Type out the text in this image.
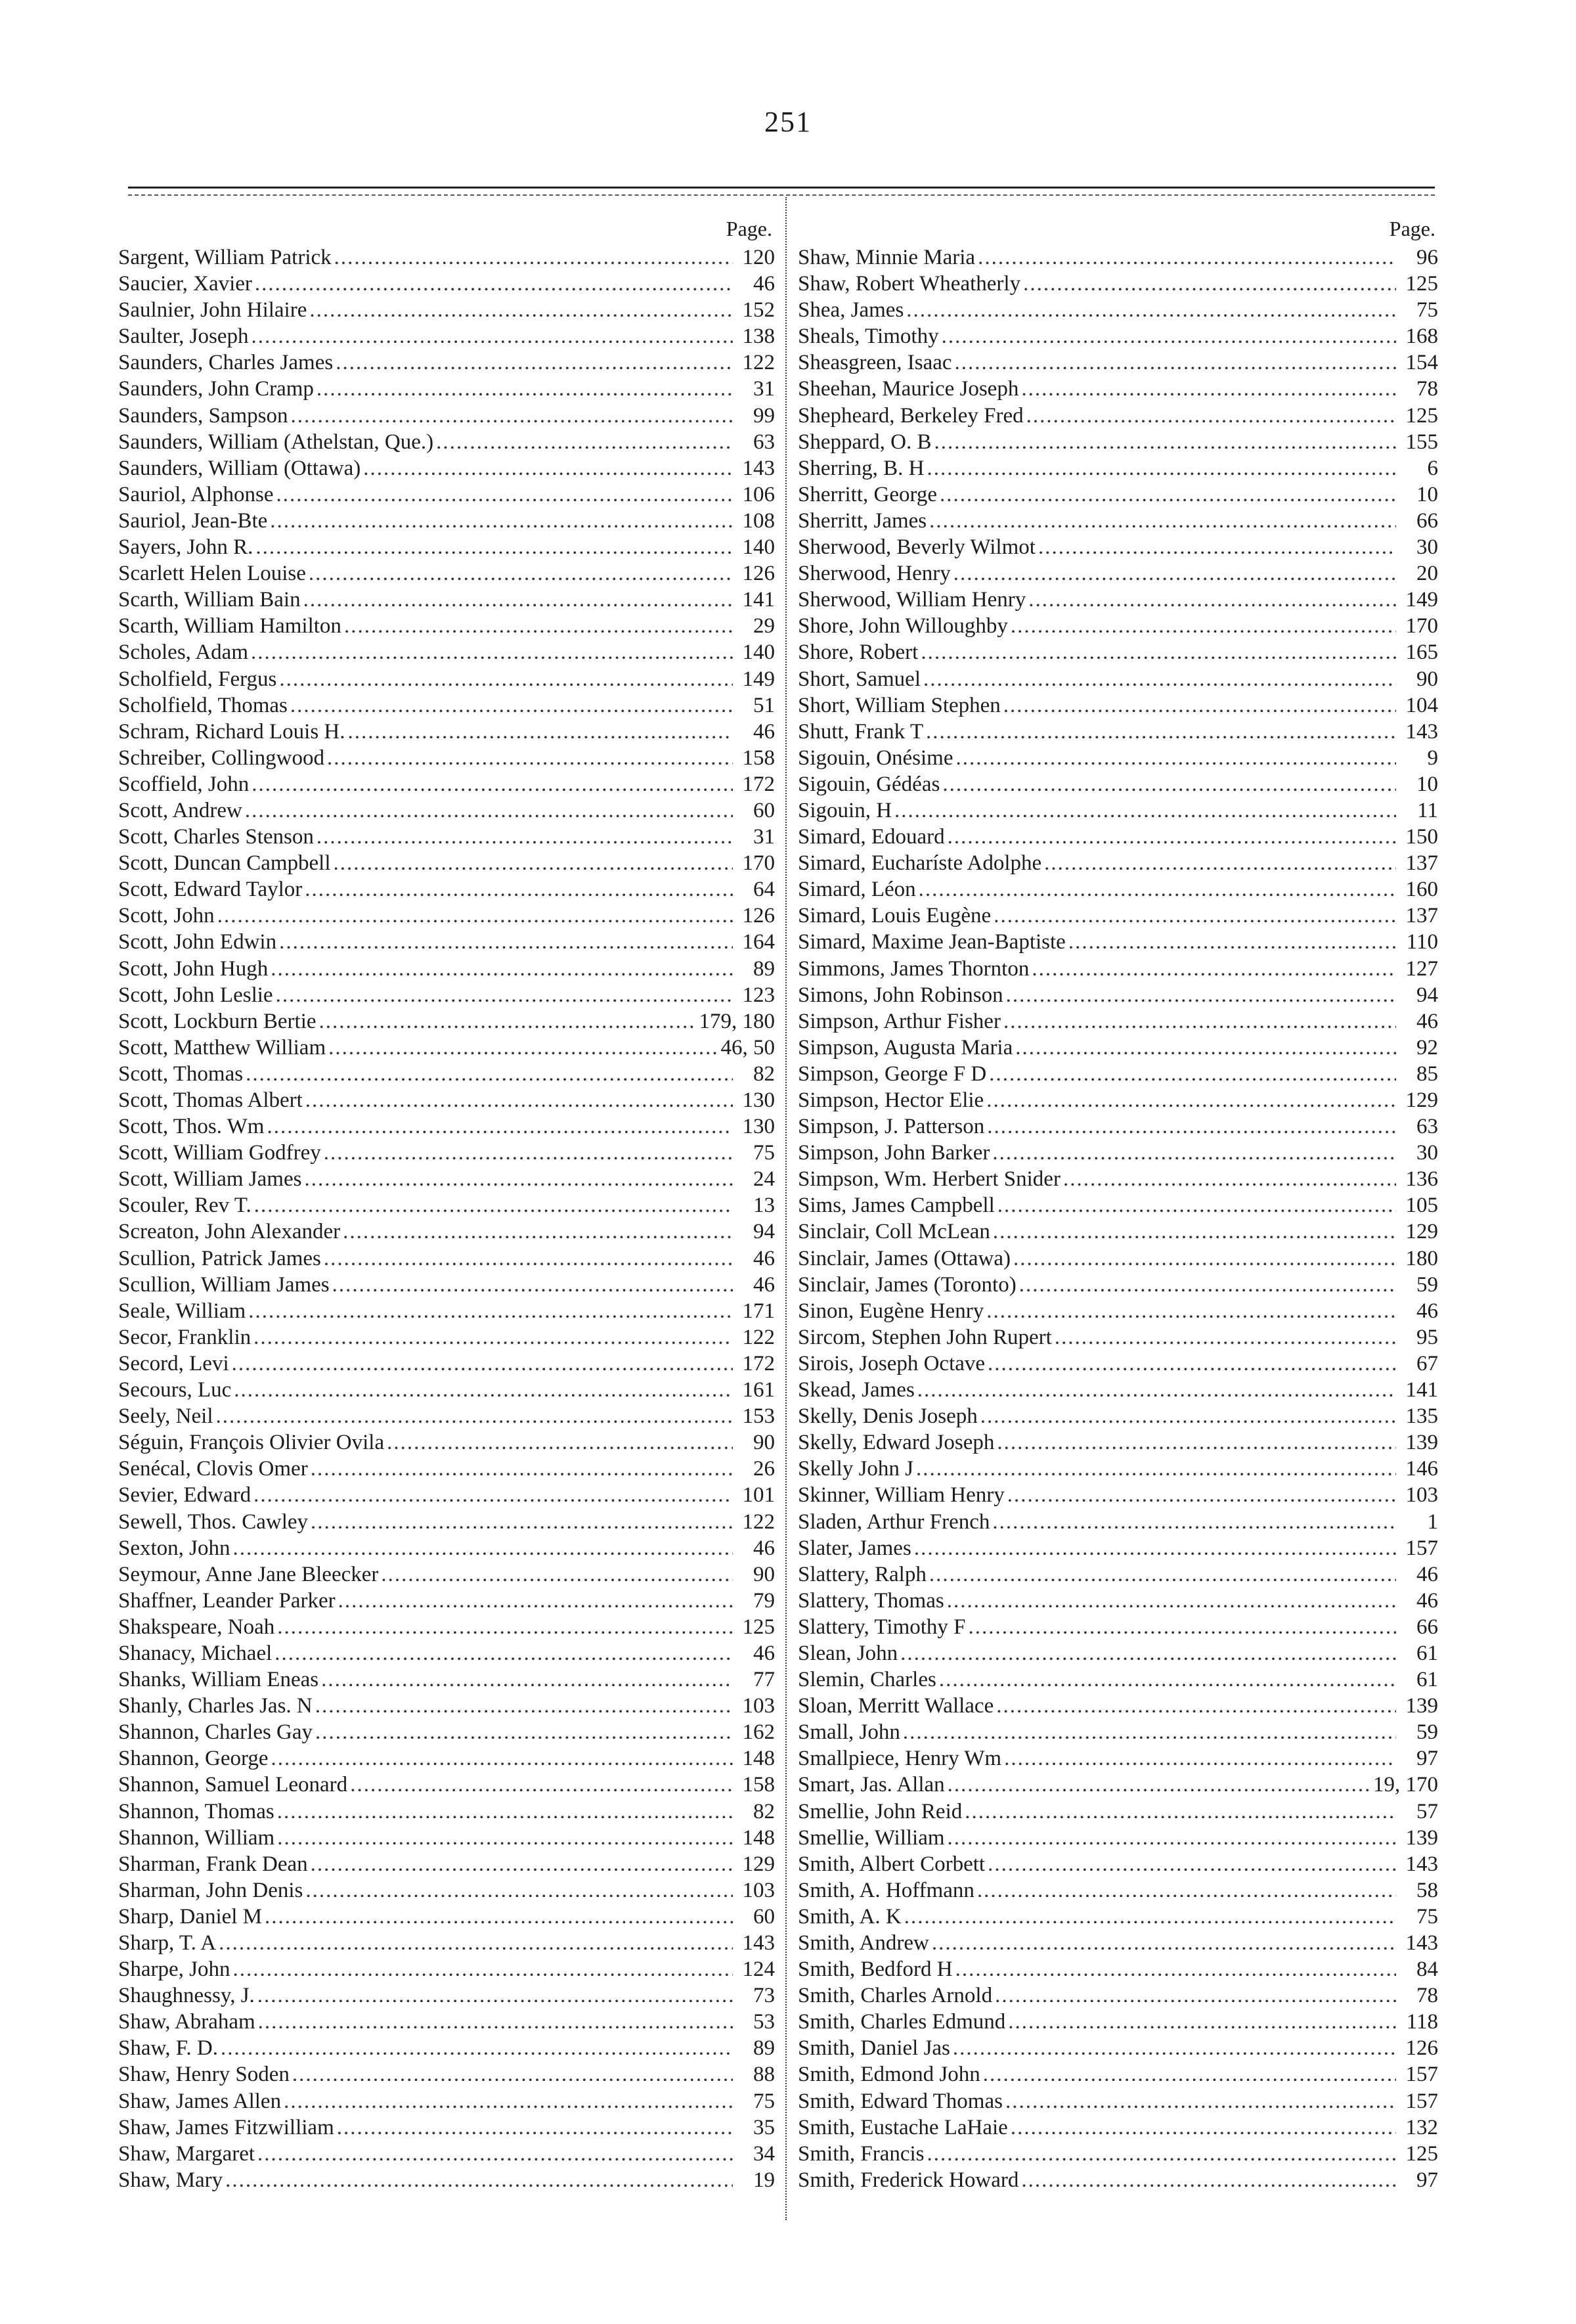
251
Page.
Sargent, William Patrick .....	120
Saucier, Xavier .....	46
Saulnier, John Hilaire .....	152
Saulter, Joseph .....	138
Saunders, Charles James .....	122
Saunders, John Cramp .....	31
Saunders, Sampson .....	99
Saunders, William (Athelstan, Que.) .....	63
Saunders, William (Ottawa) .....	143
Sauriol, Alphonse .....	106
Sauriol, Jean-Bte .....	108
Sayers, John R. .....	140
Scarlett Helen Louise .....	126
Scarth, William Bain .....	141
Scarth, William Hamilton .....	29
Scholes, Adam .....	140
Scholfield, Fergus .....	149
Scholfield, Thomas .....	51
Schram, Richard Louis H. .....	46
Schreiber, Collingwood .....	158
Scoffield, John .....	172
Scott, Andrew .....	60
Scott, Charles Stenson .....	31
Scott, Duncan Campbell .....	170
Scott, Edward Taylor .....	64
Scott, John .....	126
Scott, John Edwin .....	164
Scott, John Hugh .....	89
Scott, John Leslie .....	123
Scott, Lockburn Bertie .....	179, 180
Scott, Matthew William .....	46, 50
Scott, Thomas .....	82
Scott, Thomas Albert .....	130
Scott, Thos. Wm .....	130
Scott, William Godfrey .....	75
Scott, William James .....	24
Scouler, Rev T. .....	13
Screaton, John Alexander .....	94
Scullion, Patrick James .....	46
Scullion, William James .....	46
Seale, William .....	171
Secor, Franklin .....	122
Secord, Levi .....	172
Secours, Luc .....	161
Seely, Neil .....	153
Séguin, François Olivier Ovila .....	90
Senécal, Clovis Omer .....	26
Sevier, Edward .....	101
Sewell, Thos. Cawley .....	122
Sexton, John .....	46
Seymour, Anne Jane Bleecker .....	90
Shaffner, Leander Parker .....	79
Shakspeare, Noah .....	125
Shanacy, Michael .....	46
Shanks, William Eneas .....	77
Shanly, Charles Jas. N .....	103
Shannon, Charles Gay .....	162
Shannon, George .....	148
Shannon, Samuel Leonard .....	158
Shannon, Thomas .....	82
Shannon, William .....	148
Sharman, Frank Dean .....	129
Sharman, John Denis .....	103
Sharp, Daniel M .....	60
Sharp, T. A .....	143
Sharpe, John .....	124
Shaughnessy, J. .....	73
Shaw, Abraham .....	53
Shaw, F. D. .....	89
Shaw, Henry Soden .....	88
Shaw, James Allen .....	75
Shaw, James Fitzwilliam .....	35
Shaw, Margaret .....	34
Shaw, Mary .....	19
Page.
Shaw, Minnie Maria .....	96
Shaw, Robert Wheatherly .....	125
Shea, James .....	75
Sheals, Timothy .....	168
Sheasgreen, Isaac .....	154
Sheehan, Maurice Joseph .....	78
Shepheard, Berkeley Fred .....	125
Sheppard, O. B .....	155
Sherring, B. H .....	6
Sherritt, George .....	10
Sherritt, James .....	66
Sherwood, Beverly Wilmot .....	30
Sherwood, Henry .....	20
Sherwood, William Henry .....	149
Shore, John Willoughby .....	170
Shore, Robert .....	165
Short, Samuel .....	90
Short, William Stephen .....	104
Shutt, Frank T .....	143
Sigouin, Onésime .....	9
Sigouin, Gédéas .....	10
Sigouin, H .....	11
Simard, Edouard .....	150
Simard, Eucharíste Adolphe .....	137
Simard, Léon .....	160
Simard, Louis Eugène .....	137
Simard, Maxime Jean-Baptiste .....	110
Simmons, James Thornton .....	127
Simons, John Robinson .....	94
Simpson, Arthur Fisher .....	46
Simpson, Augusta Maria .....	92
Simpson, George F D .....	85
Simpson, Hector Elie .....	129
Simpson, J. Patterson .....	63
Simpson, John Barker .....	30
Simpson, Wm. Herbert Snider .....	136
Sims, James Campbell .....	105
Sinclair, Coll McLean .....	129
Sinclair, James (Ottawa) .....	180
Sinclair, James (Toronto) .....	59
Sinon, Eugène Henry .....	46
Sircom, Stephen John Rupert .....	95
Sirois, Joseph Octave .....	67
Skead, James .....	141
Skelly, Denis Joseph .....	135
Skelly, Edward Joseph .....	139
Skelly John J .....	146
Skinner, William Henry .....	103
Sladen, Arthur French .....	1
Slater, James .....	157
Slattery, Ralph .....	46
Slattery, Thomas .....	46
Slattery, Timothy F .....	66
Slean, John .....	61
Slemin, Charles .....	61
Sloan, Merritt Wallace .....	139
Small, John .....	59
Smallpiece, Henry Wm .....	97
Smart, Jas. Allan .....	19, 170
Smellie, John Reid .....	57
Smellie, William .....	139
Smith, Albert Corbett .....	143
Smith, A. Hoffmann .....	58
Smith, A. K .....	75
Smith, Andrew .....	143
Smith, Bedford H .....	84
Smith, Charles Arnold .....	78
Smith, Charles Edmund .....	118
Smith, Daniel Jas .....	126
Smith, Edmond John .....	157
Smith, Edward Thomas .....	157
Smith, Eustache LaHaie .....	132
Smith, Francis .....	125
Smith, Frederick Howard .....	97
